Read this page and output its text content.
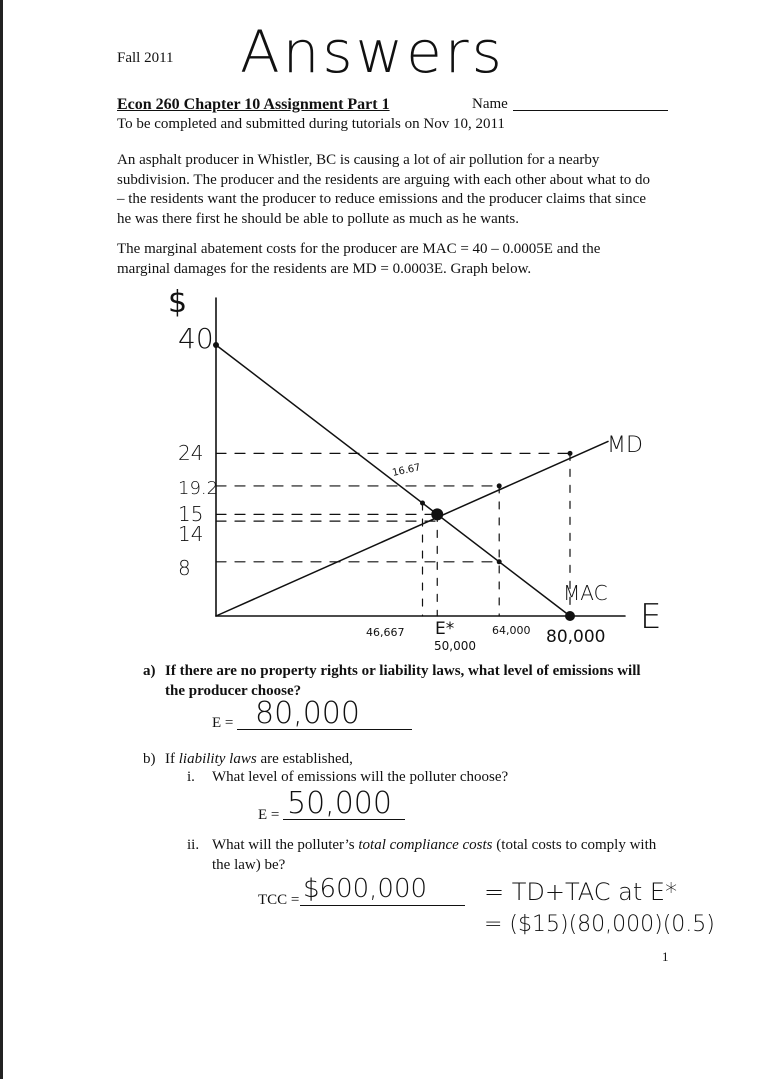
Fall 2011 Answers
Econ 260 Chapter 10 Assignment Part 1	Name
To be completed and submitted during tutorials on Nov 10, 2011
An asphalt producer in Whistler, BC is causing a lot of air pollution for a nearby
subdivision. The producer and the residents are arguing with each other about what to do
– the residents want the producer to reduce emissions and the producer claims that since
he was there first he should be able to pollute as much as he wants.
The marginal abatement costs for the producer are MAC = 40 – 0.0005E and the
marginal damages for the residents are MD = 0.0003E. Graph below.
$
E
MD
MAC
40
24
19.2
15
14
8
46,667 E*
50,000
64,000 80,000
16.67
a) If there are no property rights or liability laws, what level of emissions will
the producer choose?
E = 80,000
b) If liability laws are established,
i. What level of emissions will the polluter choose?
E = 50,000
ii. What will the polluter’s total compliance costs (total costs to comply with
the law) be?
TCC = $600,000 = TD+TAC at E*
= ($15)(80,000)(0.5)
1
